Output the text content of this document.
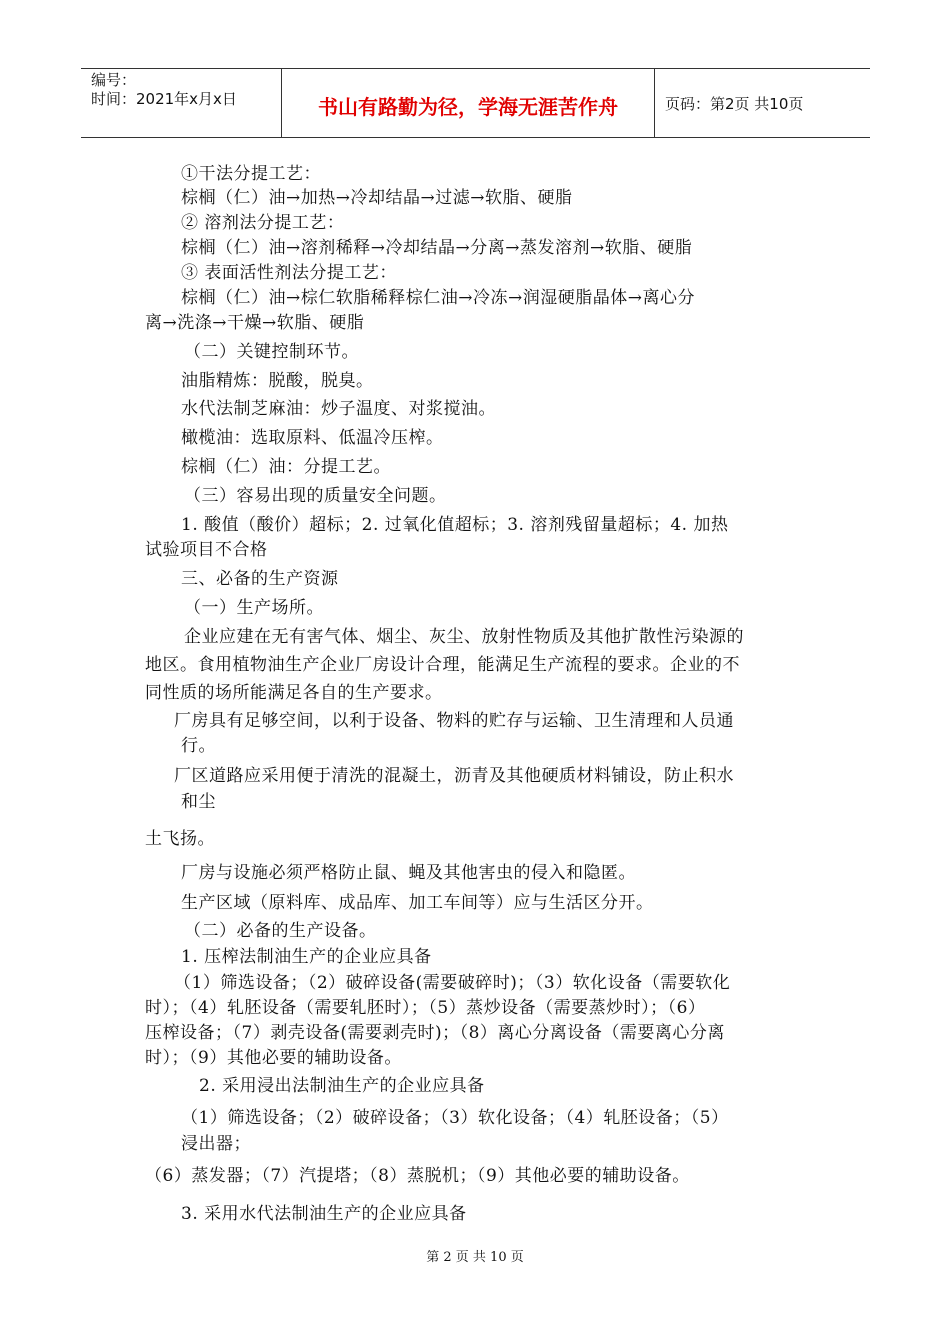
编号：
时间：2021年x月x日	书山有路勤为径，学海无涯苦作舟	页码：第2页 共10页
①干法分提工艺：
棕榈（仁）油→加热→冷却结晶→过滤→软脂、硬脂
② 溶剂法分提工艺：
棕榈（仁）油→溶剂稀释→冷却结晶→分离→蒸发溶剂→软脂、硬脂
③ 表面活性剂法分提工艺：
棕榈（仁）油→棕仁软脂稀释棕仁油→冷冻→润湿硬脂晶体→离心分
离→洗涤→干燥→软脂、硬脂
（二）关键控制环节。
油脂精炼：脱酸，脱臭。
水代法制芝麻油：炒子温度、对浆搅油。
橄榄油：选取原料、低温冷压榨。
棕榈（仁）油：分提工艺。
（三）容易出现的质量安全问题。
1. 酸值（酸价）超标；2. 过氧化值超标；3. 溶剂残留量超标；4. 加热
试验项目不合格
三、必备的生产资源
（一）生产场所。
企业应建在无有害气体、烟尘、灰尘、放射性物质及其他扩散性污染源的
地区。食用植物油生产企业厂房设计合理，能满足生产流程的要求。企业的不
同性质的场所能满足各自的生产要求。
厂房具有足够空间，以利于设备、物料的贮存与运输、卫生清理和人员通
行。
厂区道路应采用便于清洗的混凝土，沥青及其他硬质材料铺设，防止积水
和尘
土飞扬。
厂房与设施必须严格防止鼠、蝇及其他害虫的侵入和隐匿。
生产区域（原料库、成品库、加工车间等）应与生活区分开。
（二）必备的生产设备。
1. 压榨法制油生产的企业应具备
（1）筛选设备；（2）破碎设备(需要破碎时)；（3）软化设备（需要软化
时）；（4）轧胚设备（需要轧胚时）；（5）蒸炒设备（需要蒸炒时）；（6）
压榨设备；（7）剥壳设备(需要剥壳时)；（8）离心分离设备（需要离心分离
时）；（9）其他必要的辅助设备。
2. 采用浸出法制油生产的企业应具备
（1）筛选设备；（2）破碎设备；（3）软化设备；（4）轧胚设备；（5）
浸出器；
（6）蒸发器；（7）汽提塔；（8）蒸脱机；（9）其他必要的辅助设备。
3. 采用水代法制油生产的企业应具备
第 2 页 共 10 页
